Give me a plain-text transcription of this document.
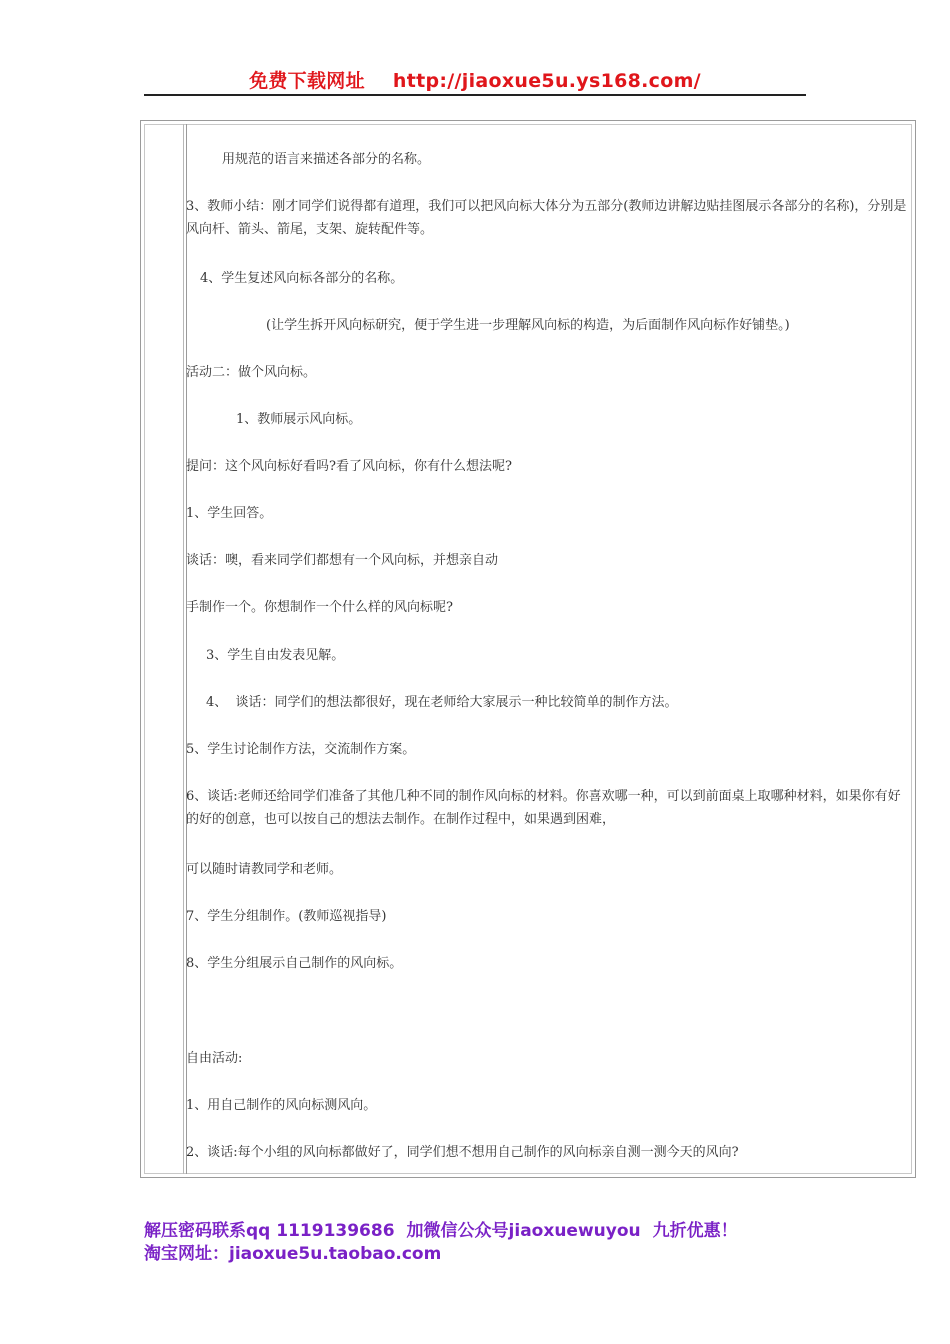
免费下载网址 http://jiaoxue5u.ys168.com/
用规范的语言来描述各部分的名称。
3、教师小结：刚才同学们说得都有道理，我们可以把风向标大体分为五部分(教师边讲解边贴挂图展示各部分的名称)，分别是风向杆、箭头、箭尾，支架、旋转配件等。
4、学生复述风向标各部分的名称。
(让学生拆开风向标研究，便于学生进一步理解风向标的构造，为后面制作风向标作好铺垫。)
活动二：做个风向标。
1、教师展示风向标。
提问：这个风向标好看吗?看了风向标，你有什么想法呢?
1、学生回答。
谈话：噢，看来同学们都想有一个风向标，并想亲自动
手制作一个。你想制作一个什么样的风向标呢?
3、学生自由发表见解。
4、  谈话：同学们的想法都很好，现在老师给大家展示一种比较简单的制作方法。
5、学生讨论制作方法，交流制作方案。
6、谈话:老师还给同学们准备了其他几种不同的制作风向标的材料。你喜欢哪一种，可以到前面桌上取哪种材料，如果你有好的好的创意，也可以按自己的想法去制作。在制作过程中，如果遇到困难，
可以随时请教同学和老师。
7、学生分组制作。(教师巡视指导)
8、学生分组展示自己制作的风向标。
自由活动:
1、用自己制作的风向标测风向。
2、谈话:每个小组的风向标都做好了，同学们想不想用自己制作的风向标亲自测一测今天的风向?
解压密码联系qq 1119139686 加微信公众号jiaoxuewuyou 九折优惠！
淘宝网址：jiaoxue5u.taobao.com
